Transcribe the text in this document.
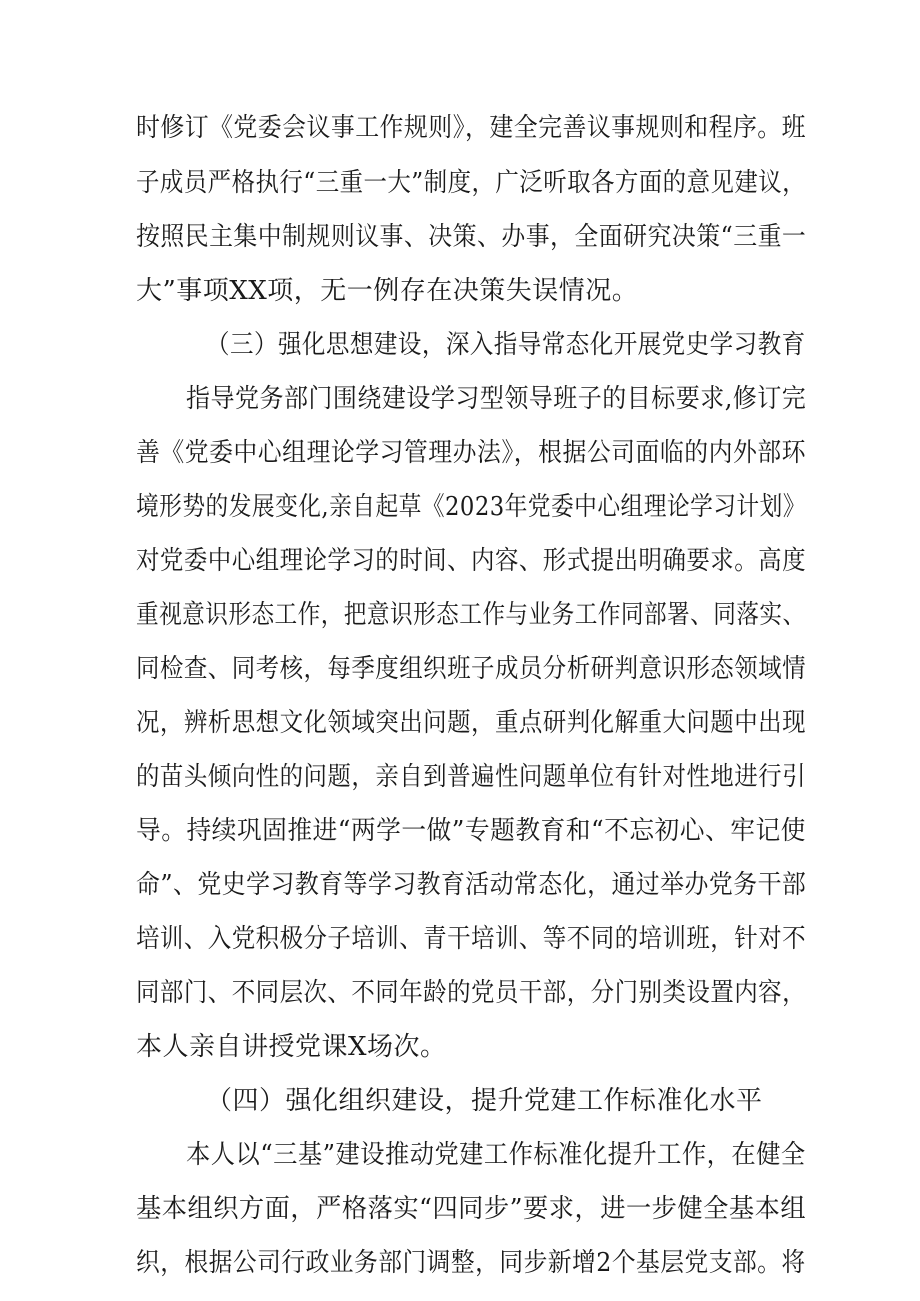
时修订《党委会议事工作规则》，建全完善议事规则和程序。班
子成员严格执行“三重一大”制度，广泛听取各方面的意见建议，
按照民主集中制规则议事、决策、办事，全面研究决策“三重一
大”事项XX项，无一例存在决策失误情况。
（三）强化思想建设，深入指导常态化开展党史学习教育
指导党务部门围绕建设学习型领导班子的目标要求,修订完
善《党委中心组理论学习管理办法》，根据公司面临的内外部环
境形势的发展变化,亲自起草《2023年党委中心组理论学习计划》
对党委中心组理论学习的时间、内容、形式提出明确要求。高度
重视意识形态工作，把意识形态工作与业务工作同部署、同落实、
同检查、同考核，每季度组织班子成员分析研判意识形态领域情
况，辨析思想文化领域突出问题，重点研判化解重大问题中出现
的苗头倾向性的问题，亲自到普遍性问题单位有针对性地进行引
导。持续巩固推进“两学一做”专题教育和“不忘初心、牢记使
命”、党史学习教育等学习教育活动常态化，通过举办党务干部
培训、入党积极分子培训、青干培训、等不同的培训班，针对不
同部门、不同层次、不同年龄的党员干部，分门别类设置内容，
本人亲自讲授党课X场次。
（四）强化组织建设，提升党建工作标准化水平
本人以“三基”建设推动党建工作标准化提升工作，在健全
基本组织方面，严格落实“四同步”要求，进一步健全基本组
织，根据公司行政业务部门调整，同步新增2个基层党支部。将
